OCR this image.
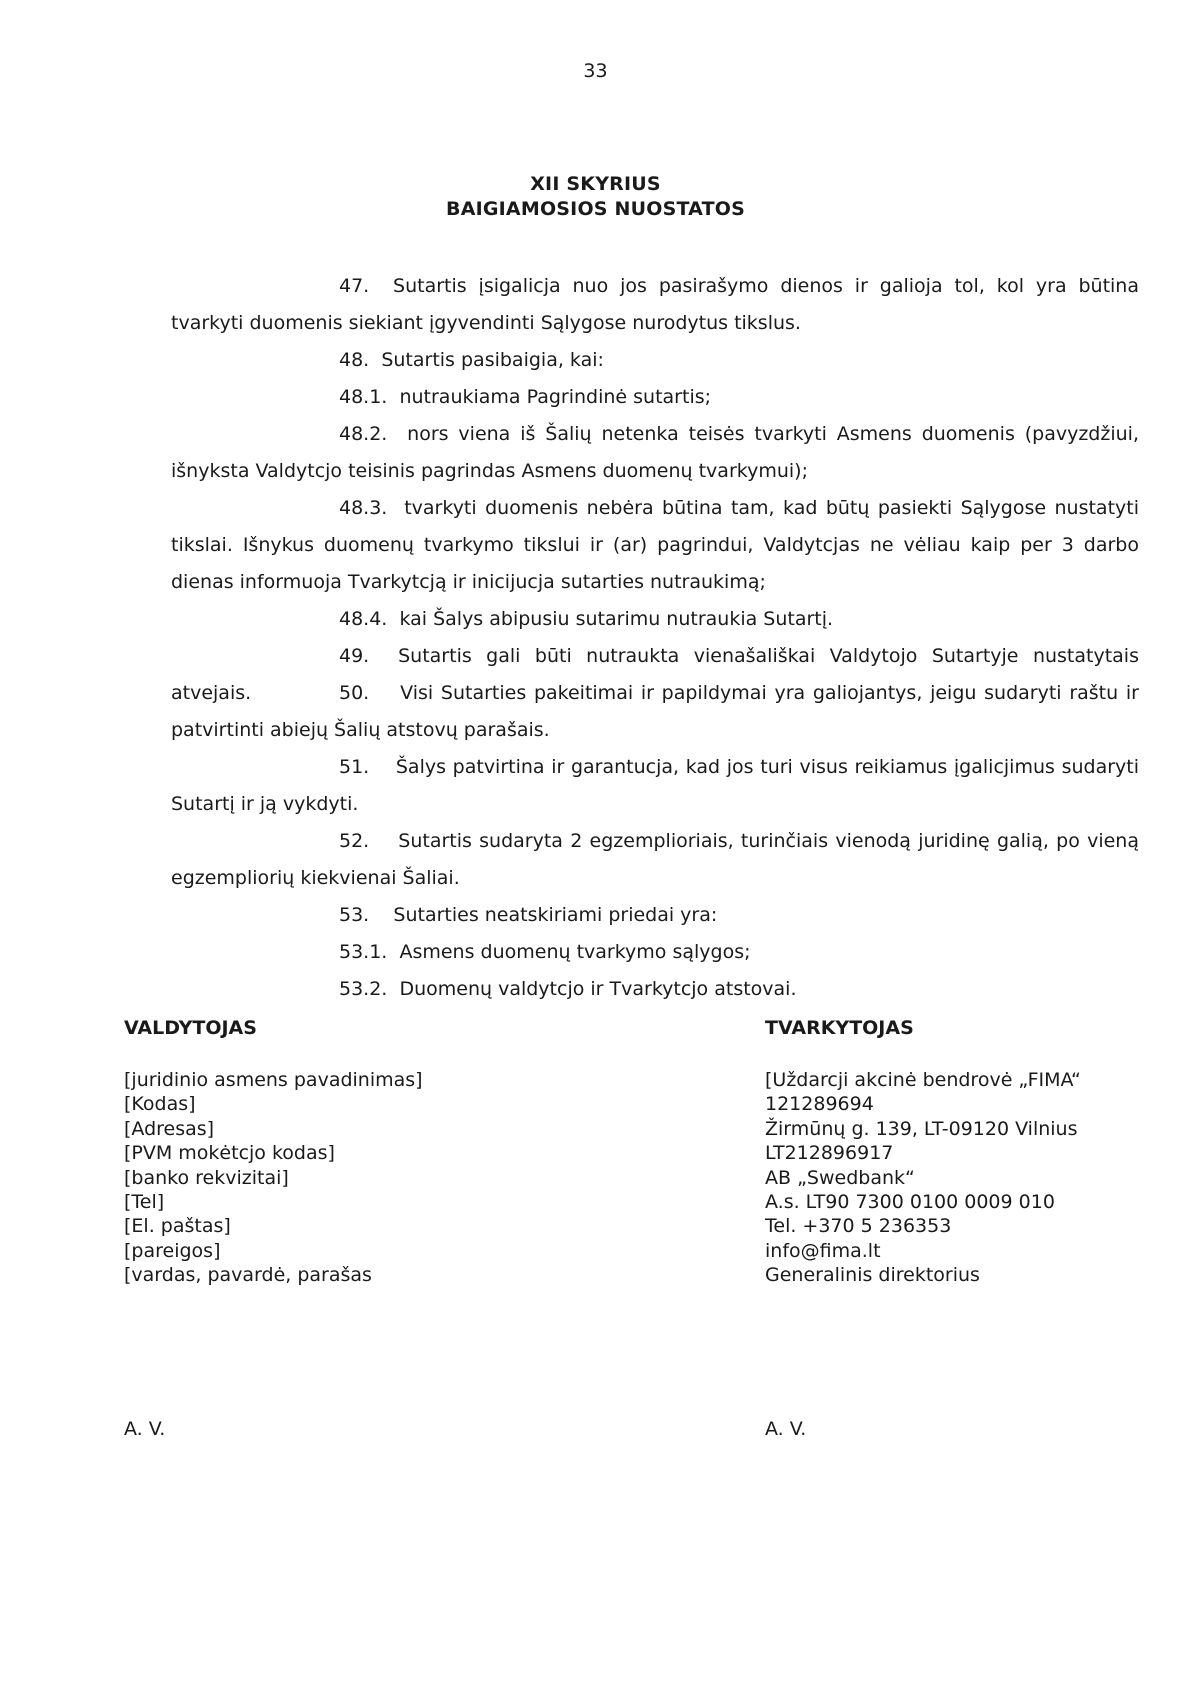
33
XII SKYRIUS
BAIGIAMOSIOS NUOSTATOS

47. Sutartis įsigalicja nuo jos pasirašymo dienos ir galioja tol, kol yra būtina tvarkyti duomenis siekiant įgyvendinti Sąlygose nurodytus tikslus.

48. Sutartis pasibaigia, kai:

48.1. nutraukiama Pagrindinė sutartis;

48.2. nors viena iš Šalių netenka teisės tvarkyti Asmens duomenis (pavyzdžiui, išnyksta Valdytcjo teisinis pagrindas Asmens duomenų tvarkymui);

48.3. tvarkyti duomenis nebėra būtina tam, kad būtų pasiekti Sąlygose nustatyti tikslai. Išnykus duomenų tvarkymo tikslui ir (ar) pagrindui, Valdytcjas ne vėliau kaip per 3 darbo dienas informuoja Tvarkytcją ir inicijucja sutarties nutraukimą;

48.4. kai Šalys abipusiu sutarimu nutraukia Sutartį.

49. Sutartis gali būti nutraukta vienašališkai Valdytojo Sutartyje nustatytais atvejais.	50. Visi Sutarties pakeitimai ir papildymai yra galiojantys, jeigu sudaryti raštu ir patvirtinti abiejų Šalių atstovų parašais.

51. Šalys patvirtina ir garantucja, kad jos turi visus reikiamus įgalicjimus sudaryti Sutartį ir ją vykdyti.

52. Sutartis sudaryta 2 egzemplioriais, turinčiais vienodą juridinę galią, po vieną egzempliorių kiekvienai Šaliai.

53. Sutarties neatskiriami priedai yra:

53.1. Asmens duomenų tvarkymo sąlygos;

53.2. Duomenų valdytcjo ir Tvarkytcjo atstovai.

VALDYTOJAS
[juridinio asmens pavadinimas]
[Kodas]
[Adresas]
[PVM mokėtcjo kodas]
[banko rekvizitai]
[Tel]
[El. paštas]
[pareigos]
[vardas, pavardė, parašas
TVARKYTOJAS
[Uždarcji akcinė bendrovė „FIMA“
121289694
Žirmūnų g. 139, LT-09120 Vilnius
LT212896917
AB „Swedbank“
A.s. LT90 7300 0100 0009 010
Tel. +370 5 236353
info@fima.lt
Generalinis direktorius
A. V.	A. V.
